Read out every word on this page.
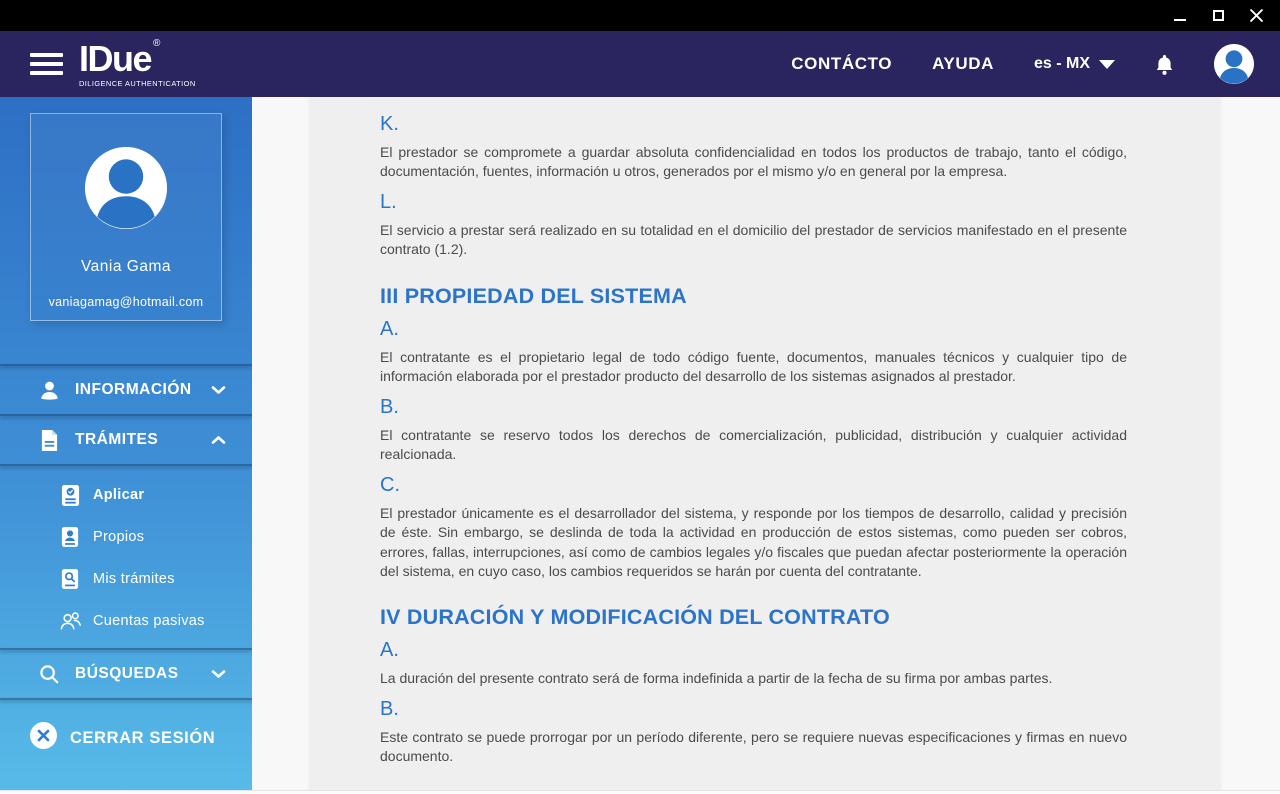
IDue ®
DILIGENCE AUTHENTICATION
CONTÁCTO AYUDA	es - MX
Vania Gama
vaniagamag@hotmail.com
INFORMACIÓN
TRÁMITES
Aplicar
Propios
Mis trámites
Cuentas pasivas
BÚSQUEDAS
CERRAR SESIÓN
K.

El prestador se compromete a guardar absoluta confidencialidad en todos los productos de trabajo, tanto el código, documentación, fuentes, información u otros, generados por el mismo y/o en general por la empresa.

L.

El servicio a prestar será realizado en su totalidad en el domicilio del prestador de servicios manifestado en el presente contrato (1.2).

III PROPIEDAD DEL SISTEMA
A.

El contratante es el propietario legal de todo código fuente, documentos, manuales técnicos y cualquier tipo de información elaborada por el prestador producto del desarrollo de los sistemas asignados al prestador.

B.

El contratante se reservo todos los derechos de comercialización, publicidad, distribución y cualquier actividad realcionada.

C.

El prestador únicamente es el desarrollador del sistema, y responde por los tiempos de desarrollo, calidad y precisión de éste. Sin embargo, se deslinda de toda la actividad en producción de estos sistemas, como pueden ser cobros, errores, fallas, interrupciones, así como de cambios legales y/o fiscales que puedan afectar posteriormente la operación del sistema, en cuyo caso, los cambios requeridos se harán por cuenta del contratante.

IV DURACIÓN Y MODIFICACIÓN DEL CONTRATO
A.

La duración del presente contrato será de forma indefinida a partir de la fecha de su firma por ambas partes.

B.

Este contrato se puede prorrogar por un período diferente, pero se requiere nuevas especificaciones y firmas en nuevo documento.
